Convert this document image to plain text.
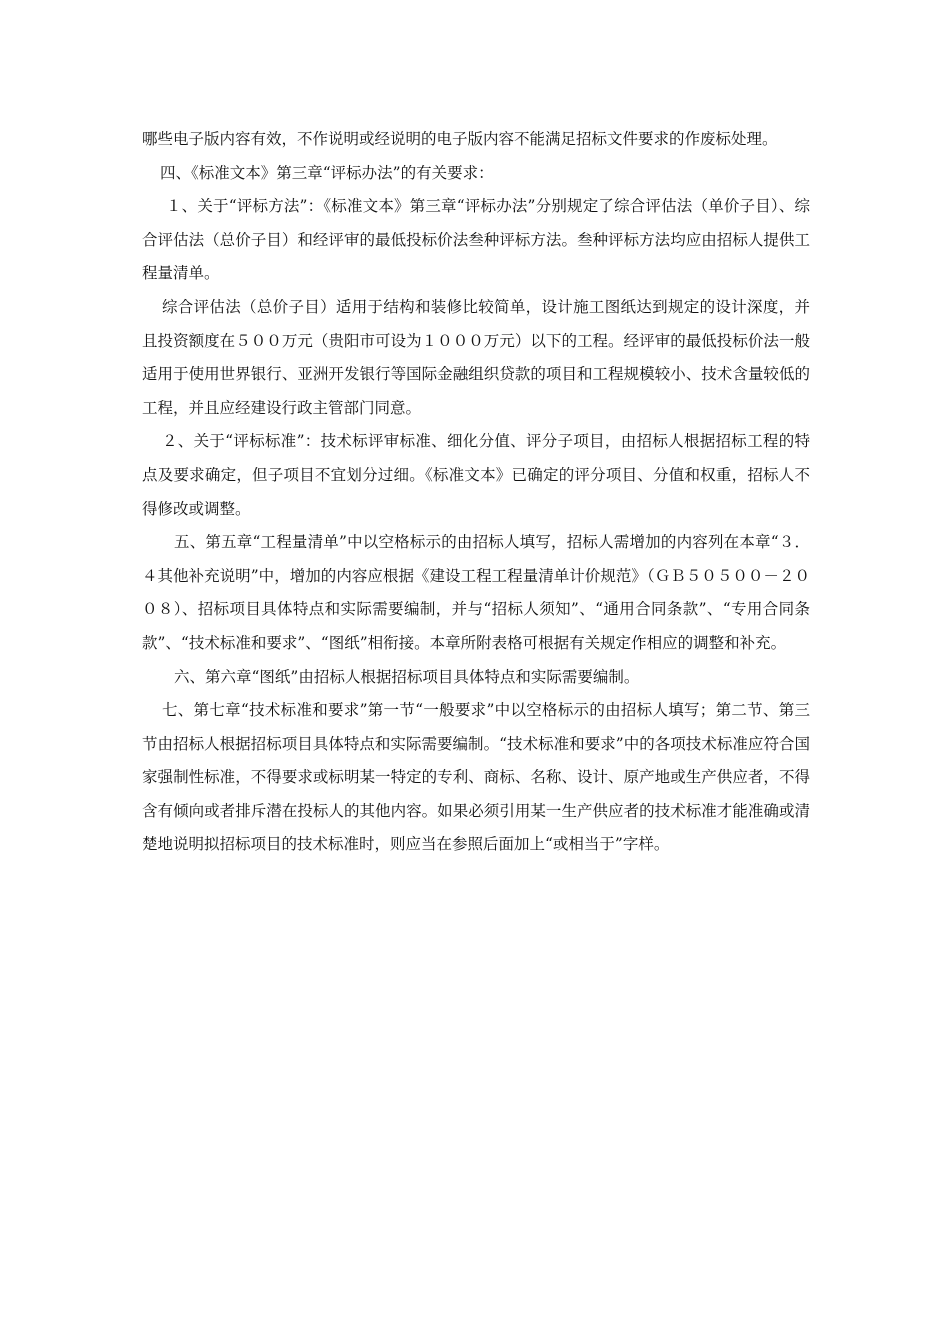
哪些电子版内容有效，不作说明或经说明的电子版内容不能满足招标文件要求的作废标处理。

四、《标准文本》第三章“评标办法”的有关要求：

１、关于“评标方法”：《标准文本》第三章“评标办法”分别规定了综合评估法（单价子目）、综合评估法（总价子目）和经评审的最低投标价法叁种评标方法。叁种评标方法均应由招标人提供工程量清单。

综合评估法（总价子目）适用于结构和装修比较简单，设计施工图纸达到规定的设计深度，并且投资额度在５００万元（贵阳市可设为１０００万元）以下的工程。经评审的最低投标价法一般适用于使用世界银行、亚洲开发银行等国际金融组织贷款的项目和工程规模较小、技术含量较低的工程，并且应经建设行政主管部门同意。

２、关于“评标标准”：技术标评审标准、细化分值、评分子项目，由招标人根据招标工程的特点及要求确定，但子项目不宜划分过细。《标准文本》已确定的评分项目、分值和权重，招标人不得修改或调整。

五、第五章“工程量清单”中以空格标示的由招标人填写，招标人需增加的内容列在本章“３．４其他补充说明”中，增加的内容应根据《建设工程工程量清单计价规范》（ＧＢ５０５００－２００８）、招标项目具体特点和实际需要编制，并与“招标人须知”、“通用合同条款”、“专用合同条款”、“技术标准和要求”、“图纸”相衔接。本章所附表格可根据有关规定作相应的调整和补充。

六、第六章“图纸”由招标人根据招标项目具体特点和实际需要编制。

七、第七章“技术标准和要求”第一节“一般要求”中以空格标示的由招标人填写；第二节、第三节由招标人根据招标项目具体特点和实际需要编制。“技术标准和要求”中的各项技术标准应符合国家强制性标准，不得要求或标明某一特定的专利、商标、名称、设计、原产地或生产供应者，不得含有倾向或者排斥潜在投标人的其他内容。如果必须引用某一生产供应者的技术标准才能准确或清楚地说明拟招标项目的技术标准时，则应当在参照后面加上“或相当于”字样。
